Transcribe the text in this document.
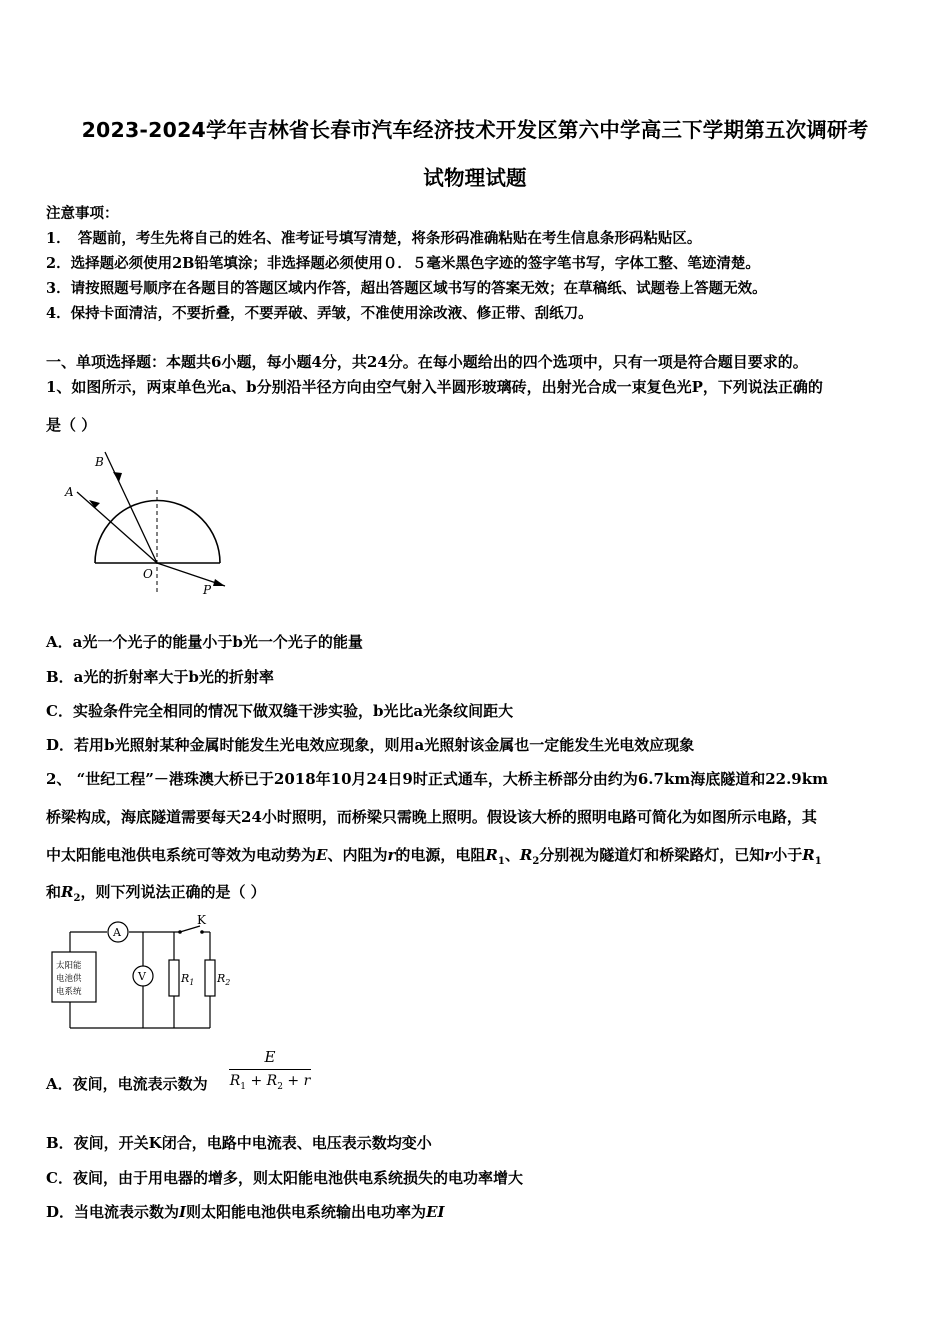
2023-2024学年吉林省长春市汽车经济技术开发区第六中学高三下学期第五次调研考
试物理试题
注意事项：
1．　答题前，考生先将自己的姓名、准考证号填写清楚，将条形码准确粘贴在考生信息条形码粘贴区。
2．选择题必须使用2B铅笔填涂；非选择题必须使用０．５毫米黑色字迹的签字笔书写，字体工整、笔迹清楚。
3．请按照题号顺序在各题目的答题区域内作答，超出答题区域书写的答案无效；在草稿纸、试题卷上答题无效。
4．保持卡面清洁，不要折叠，不要弄破、弄皱，不准使用涂改液、修正带、刮纸刀。
一、单项选择题：本题共6小题，每小题4分，共24分。在每小题给出的四个选项中，只有一项是符合题目要求的。
1、如图所示，两束单色光a、b分别沿半径方向由空气射入半圆形玻璃砖，出射光合成一束复色光P，下列说法正确的
是（ ）
B
A
O
P
A．a光一个光子的能量小于b光一个光子的能量
B．a光的折射率大于b光的折射率
C．实验条件完全相同的情况下做双缝干涉实验，b光比a光条纹间距大
D．若用b光照射某种金属时能发生光电效应现象，则用a光照射该金属也一定能发生光电效应现象
2、 “世纪工程”－港珠澳大桥已于2018年10月24日9时正式通车，大桥主桥部分由约为6.7km海底隧道和22.9km
桥梁构成，海底隧道需要每天24小时照明，而桥梁只需晚上照明。假设该大桥的照明电路可简化为如图所示电路，其
中太阳能电池供电系统可等效为电动势为E、内阻为r的电源，电阻$R_1$、$R_2$分别视为隧道灯和桥梁路灯，已知r小于$R_1$
和$R_2$，则下列说法正确的是（ ）
K
A
V	$R_1$ $R_2$
太阳能
电池供
电系统
A．夜间，电流表示数为
E
$R_1 + R_2 + r$
B．夜间，开关K闭合，电路中电流表、电压表示数均变小
C．夜间，由于用电器的增多，则太阳能电池供电系统损失的电功率增大
D．当电流表示数为I则太阳能电池供电系统输出电功率为EI
